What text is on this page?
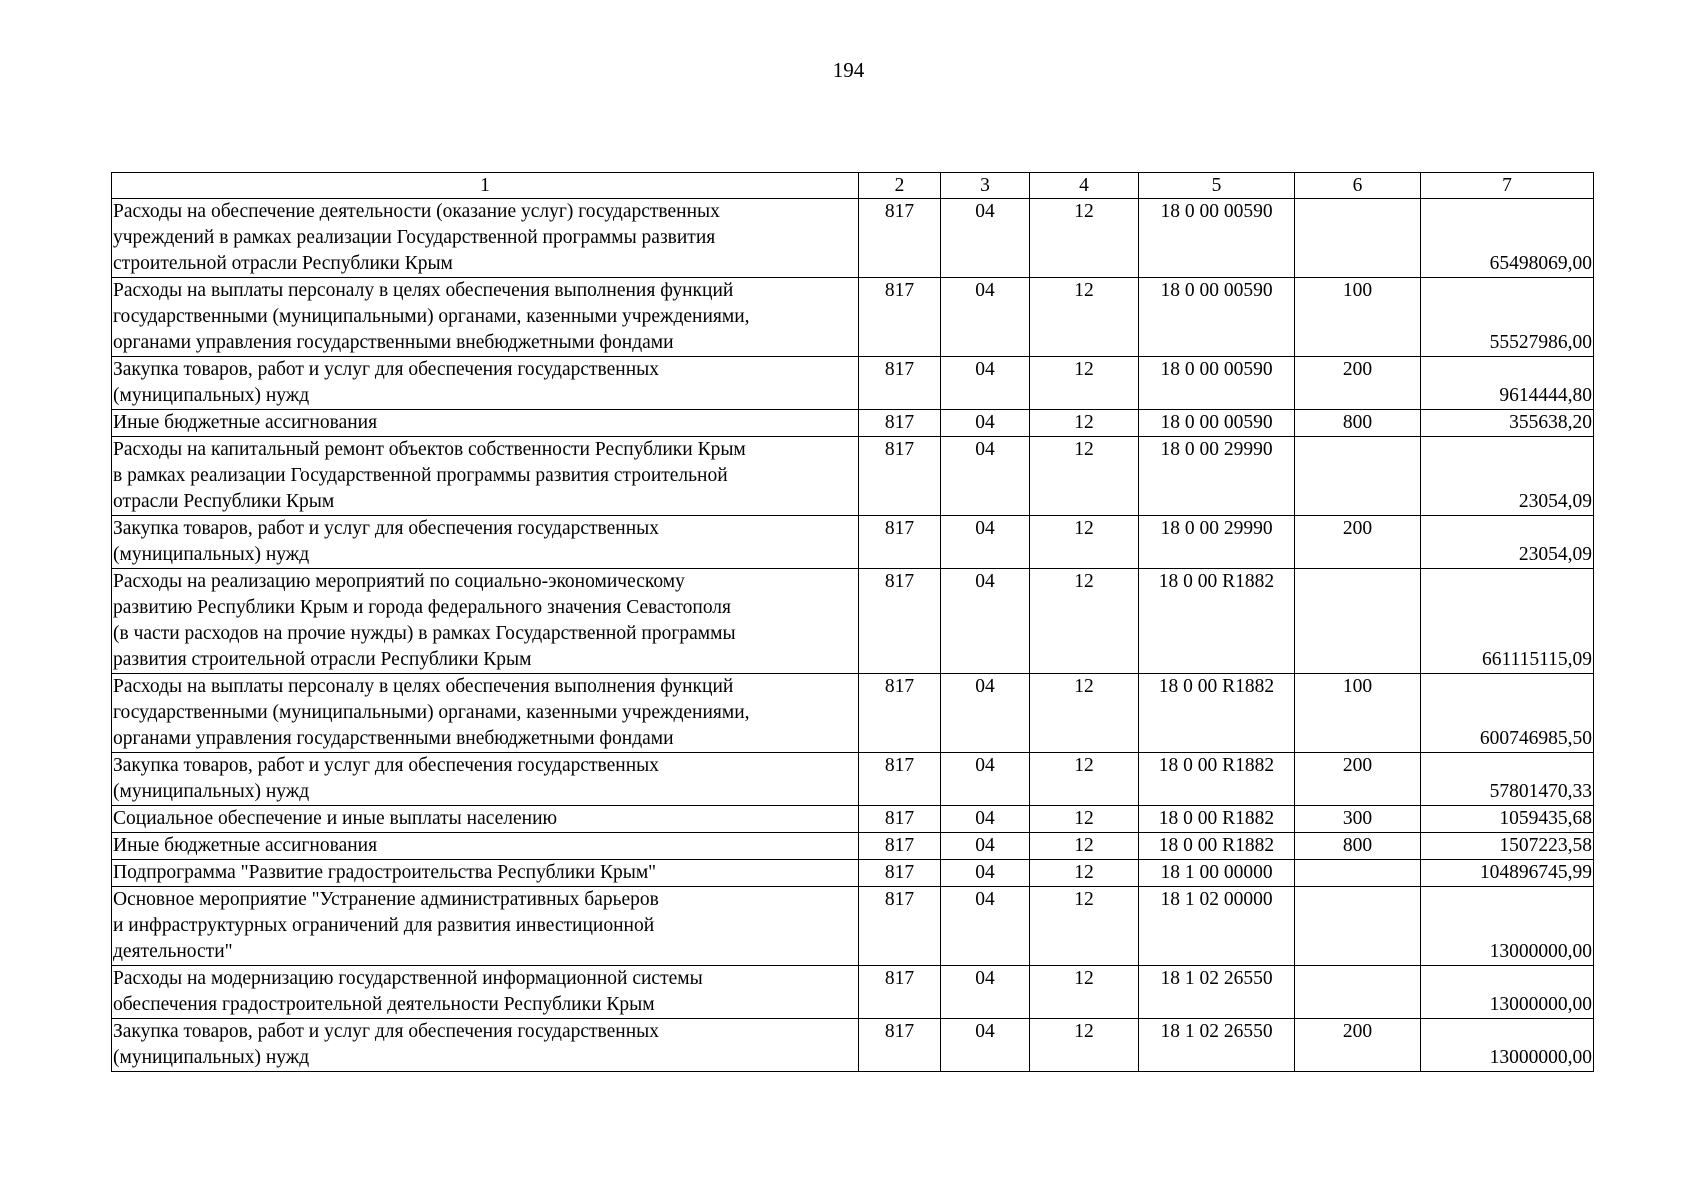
194
1	2	3	4	5	6	7
Расходы на обеспечение деятельности (оказание услуг) государственных
учреждений в рамках реализации Государственной программы развития
строительной отрасли Республики Крым	817	04	12	18 0 00 00590		65498069,00
Расходы на выплаты персоналу в целях обеспечения выполнения функций
государственными (муниципальными) органами, казенными учреждениями,
органами управления государственными внебюджетными фондами	817	04	12	18 0 00 00590	100	55527986,00
Закупка товаров, работ и услуг для обеспечения государственных
(муниципальных) нужд	817	04	12	18 0 00 00590	200	9614444,80
Иные бюджетные ассигнования	817	04	12	18 0 00 00590	800	355638,20
Расходы на капитальный ремонт объектов собственности Республики Крым
в рамках реализации Государственной программы развития строительной
отрасли Республики Крым	817	04	12	18 0 00 29990		23054,09
Закупка товаров, работ и услуг для обеспечения государственных
(муниципальных) нужд	817	04	12	18 0 00 29990	200	23054,09
Расходы на реализацию мероприятий по социально-экономическому
развитию Республики Крым и города федерального значения Севастополя
(в части расходов на прочие нужды) в рамках Государственной программы
развития строительной отрасли Республики Крым	817	04	12	18 0 00 R1882		661115115,09
Расходы на выплаты персоналу в целях обеспечения выполнения функций
государственными (муниципальными) органами, казенными учреждениями,
органами управления государственными внебюджетными фондами	817	04	12	18 0 00 R1882	100	600746985,50
Закупка товаров, работ и услуг для обеспечения государственных
(муниципальных) нужд	817	04	12	18 0 00 R1882	200	57801470,33
Социальное обеспечение и иные выплаты населению	817	04	12	18 0 00 R1882	300	1059435,68
Иные бюджетные ассигнования	817	04	12	18 0 00 R1882	800	1507223,58
Подпрограмма "Развитие градостроительства Республики Крым"	817	04	12	18 1 00 00000		104896745,99
Основное мероприятие "Устранение административных барьеров
и инфраструктурных ограничений для развития инвестиционной
деятельности"	817	04	12	18 1 02 00000		13000000,00
Расходы на модернизацию государственной информационной системы
обеспечения градостроительной деятельности Республики Крым	817	04	12	18 1 02 26550		13000000,00
Закупка товаров, работ и услуг для обеспечения государственных
(муниципальных) нужд	817	04	12	18 1 02 26550	200	13000000,00
